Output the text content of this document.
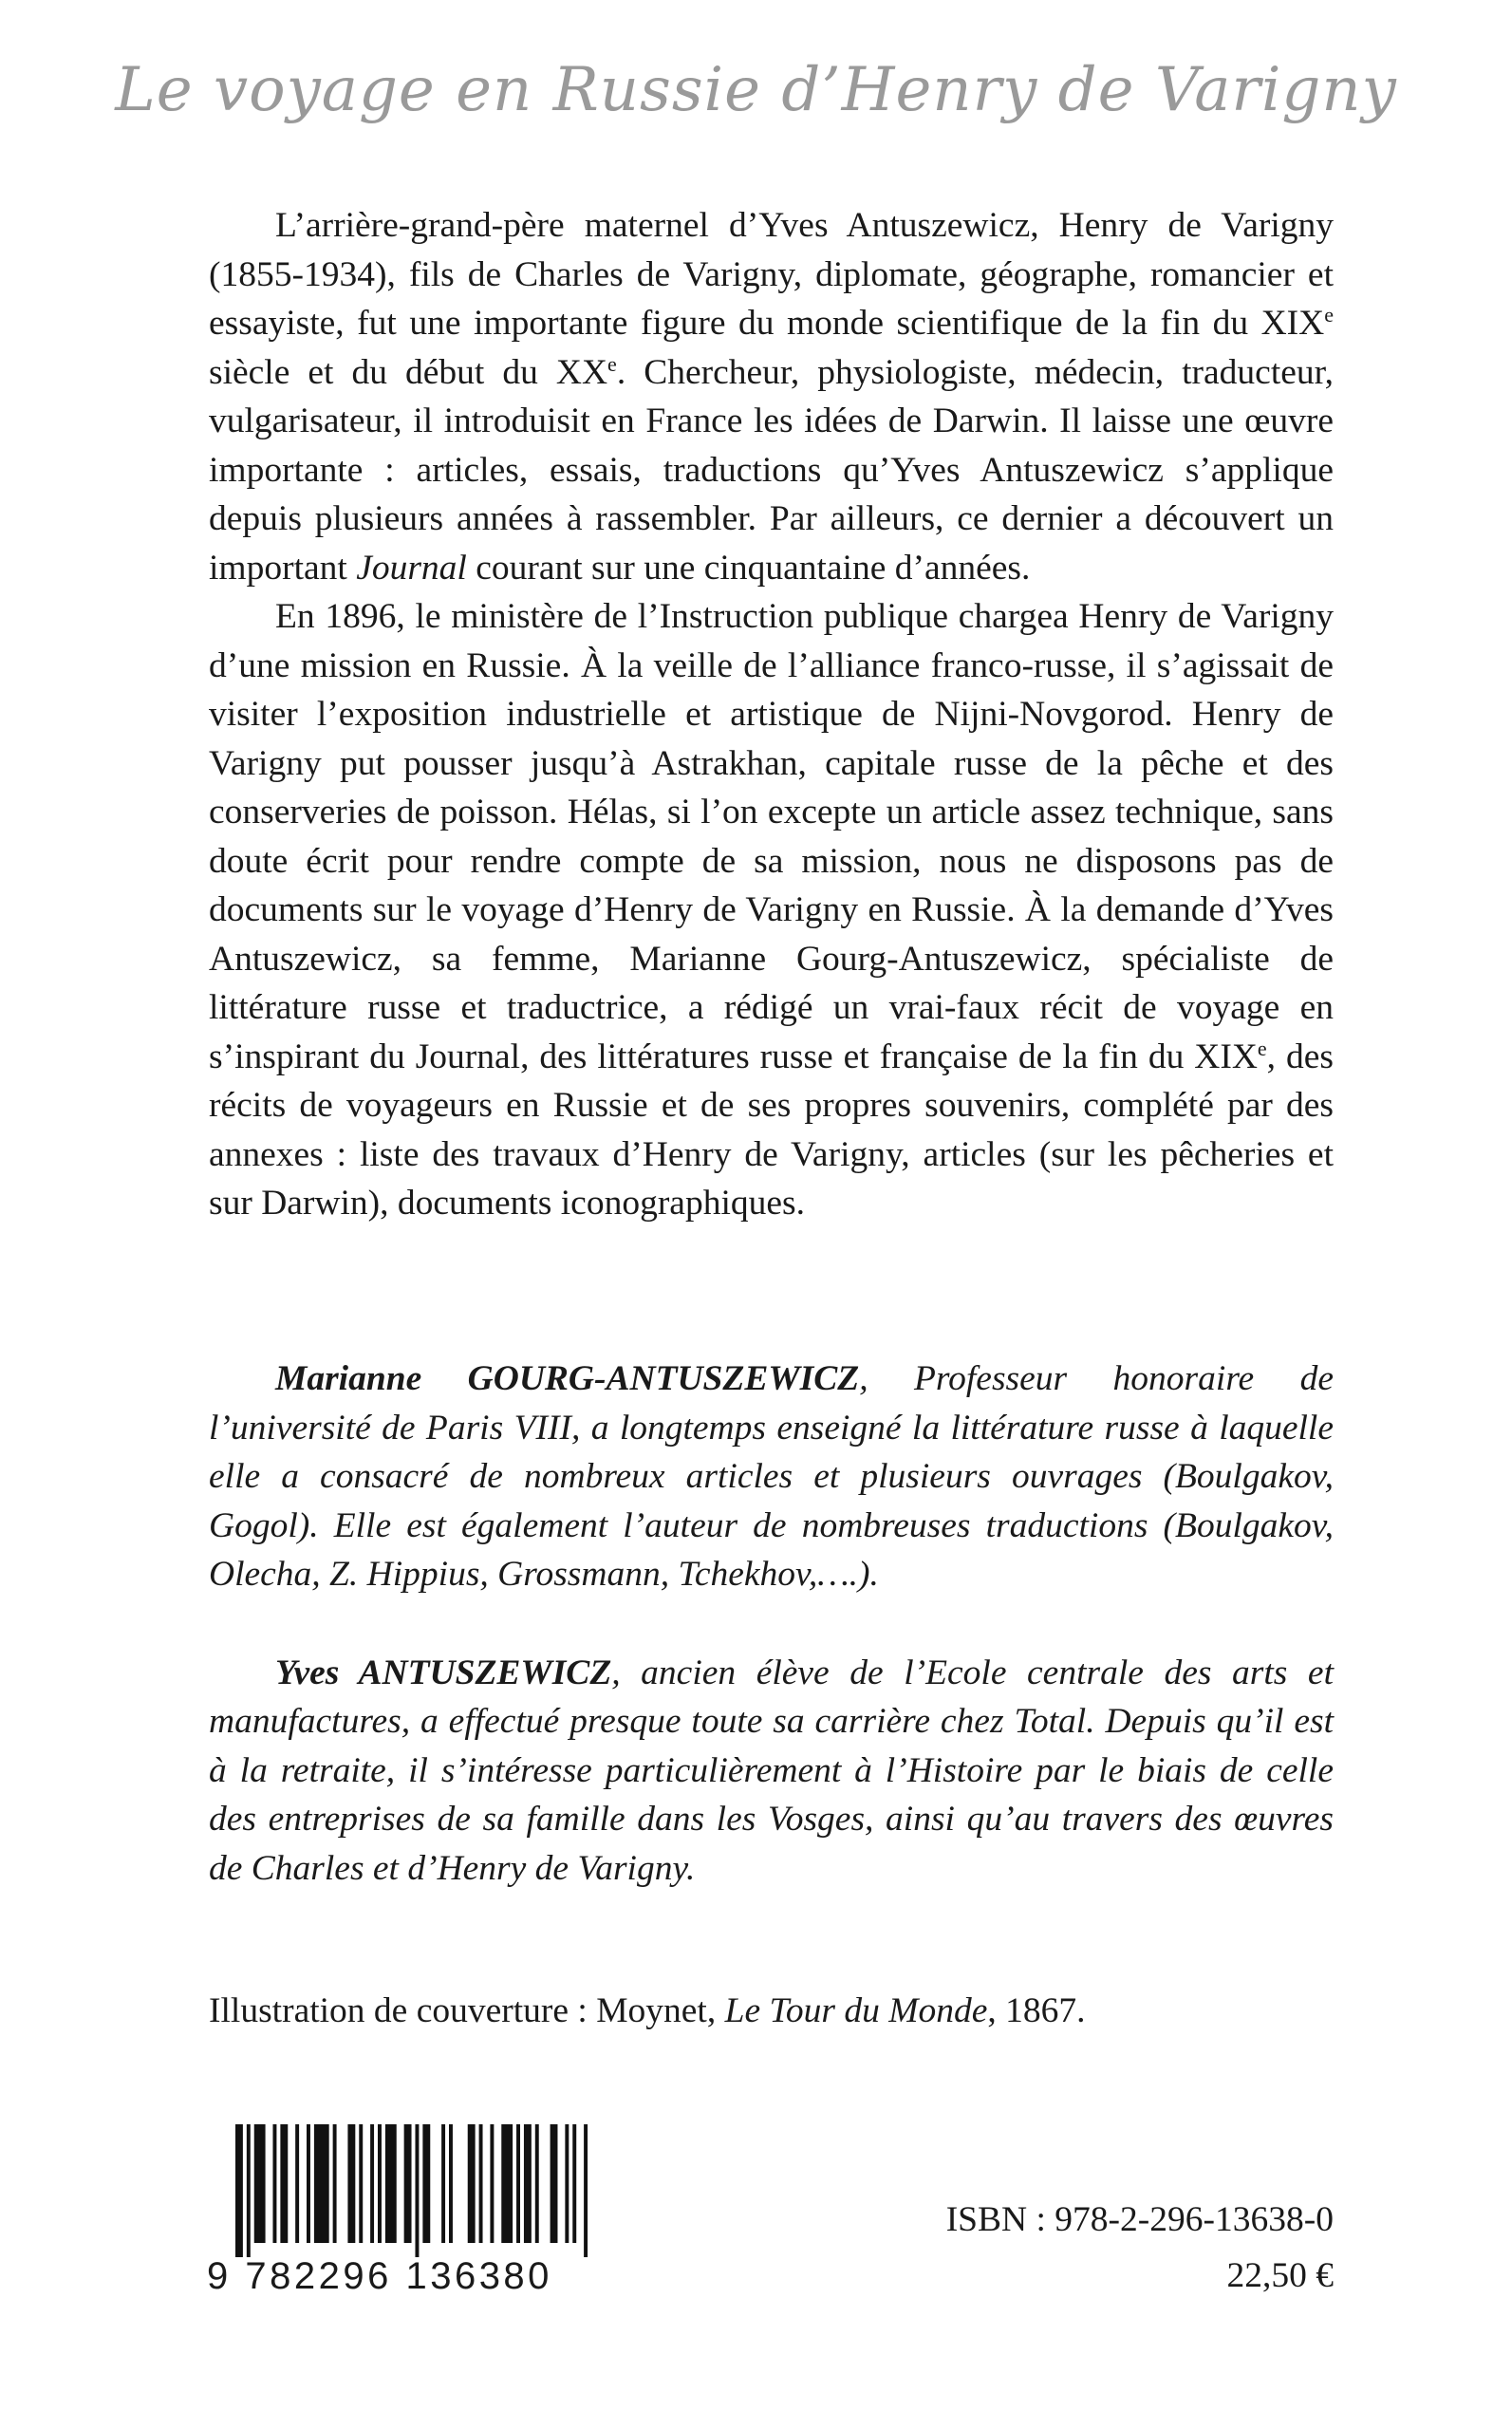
Le voyage en Russie d’Henry de Varigny

L’arrière-grand-père maternel d’Yves Antuszewicz, Henry de Varigny (1855-1934), fils de Charles de Varigny, diplomate, géographe, romancier et essayiste, fut une importante figure du monde scientifique de la fin du XIXe siècle et du début du XXe. Chercheur, physiologiste, médecin, traducteur, vulgarisateur, il introduisit en France les idées de Darwin. Il laisse une œuvre importante : articles, essais, traductions qu’Yves Antuszewicz s’applique depuis plusieurs années à rassembler. Par ailleurs, ce dernier a découvert un important Journal courant sur une cinquantaine d’années.

En 1896, le ministère de l’Instruction publique chargea Henry de Varigny d’une mission en Russie. À la veille de l’alliance franco-russe, il s’agissait de visiter l’exposition industrielle et artistique de Nijni-Novgorod. Henry de Varigny put pousser jusqu’à Astrakhan, capitale russe de la pêche et des conserveries de poisson. Hélas, si l’on excepte un article assez technique, sans doute écrit pour rendre compte de sa mission, nous ne disposons pas de documents sur le voyage d’Henry de Varigny en Russie. À la demande d’Yves Antuszewicz, sa femme, Marianne Gourg-Antuszewicz, spécialiste de littérature russe et traductrice, a rédigé un vrai-faux récit de voyage en s’inspirant du Journal, des littératures russe et française de la fin du XIXe, des récits de voyageurs en Russie et de ses propres souvenirs, complété par des annexes : liste des travaux d’Henry de Varigny, articles (sur les pêcheries et sur Darwin), documents iconographiques.

Marianne GOURG-ANTUSZEWICZ, Professeur honoraire de l’université de Paris VIII, a longtemps enseigné la littérature russe à laquelle elle a consacré de nombreux articles et plusieurs ouvrages (Boulgakov, Gogol). Elle est également l’auteur de nombreuses traductions (Boulgakov, Olecha, Z. Hippius, Grossmann, Tchekhov,….).

Yves ANTUSZEWICZ, ancien élève de l’Ecole centrale des arts et manufactures, a effectué presque toute sa carrière chez Total. Depuis qu’il est à la retraite, il s’intéresse particulièrement à l’Histoire par le biais de celle des entreprises de sa famille dans les Vosges, ainsi qu’au travers des œuvres de Charles et d’Henry de Varigny.

Illustration de couverture : Moynet, Le Tour du Monde, 1867.
9 782296 136380
ISBN : 978-2-296-13638-0
22,50 €
